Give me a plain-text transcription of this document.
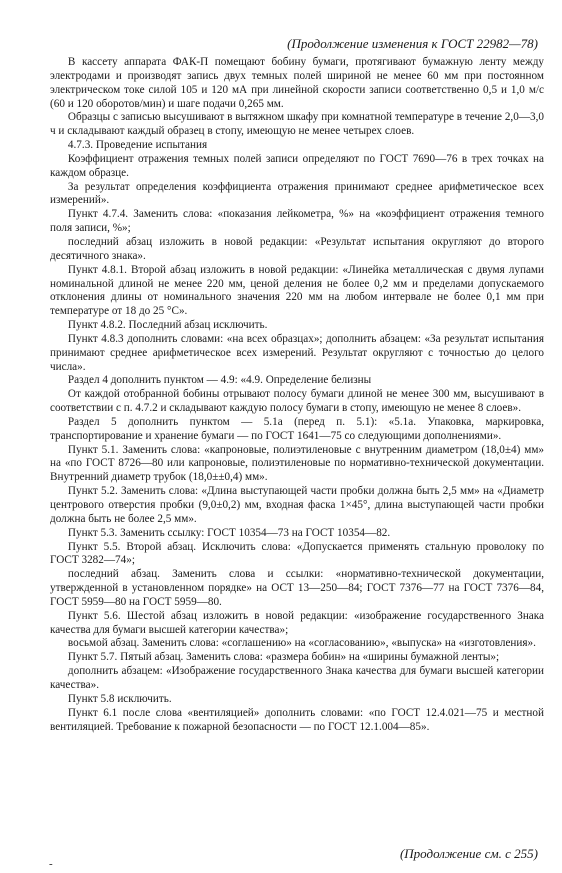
(Продолжение изменения к ГОСТ 22982—78)

В кассету аппарата ФАК-П помещают бобину бумаги, протягивают бумажную ленту между электродами и производят запись двух темных полей шириной не менее 60 мм при постоянном электрическом токе силой 105 и 120 мА при линейной скорости записи соответственно 0,5 и 1,0 м/с (60 и 120 оборотов/мин) и шаге подачи 0,265 мм.

Образцы с записью высушивают в вытяжном шкафу при комнатной температуре в течение 2,0—3,0 ч и складывают каждый образец в стопу, имеющую не менее четырех слоев.

4.7.3. Проведение испытания

Коэффициент отражения темных полей записи определяют по ГОСТ 7690—76 в трех точках на каждом образце.

За результат определения коэффициента отражения принимают среднее арифметическое всех измерений».

Пункт 4.7.4. Заменить слова: «показания лейкометра, %» на «коэффициент отражения темного поля записи, %»;

последний абзац изложить в новой редакции: «Результат испытания округляют до второго десятичного знака».

Пункт 4.8.1. Второй абзац изложить в новой редакции: «Линейка металлическая с двумя лупами номинальной длиной не менее 220 мм, ценой деления не более 0,2 мм и пределами допускаемого отклонения длины от номинального значения 220 мм на любом интервале не более 0,1 мм при температуре от 18 до 25 °С».

Пункт 4.8.2. Последний абзац исключить.

Пункт 4.8.3 дополнить словами: «на всех образцах»; дополнить абзацем: «За результат испытания принимают среднее арифметическое всех измерений. Результат округляют с точностью до целого числа».

Раздел 4 дополнить пунктом — 4.9: «4.9. Определение белизны

От каждой отобранной бобины отрывают полосу бумаги длиной не менее 300 мм, высушивают в соответствии с п. 4.7.2 и складывают каждую полосу бумаги в стопу, имеющую не менее 8 слоев».

Раздел 5 дополнить пунктом — 5.1а (перед п. 5.1): «5.1а. Упаковка, маркировка, транспортирование и хранение бумаги — по ГОСТ 1641—75 со следующими дополнениями».

Пункт 5.1. Заменить слова: «капроновые, полиэтиленовые с внутренним диаметром (18,0±4) мм» на «по ГОСТ 8726—80 или капроновые, полиэтиленовые по нормативно-технической документации. Внутренний диаметр трубок (18,0±±0,4) мм».

Пункт 5.2. Заменить слова: «Длина выступающей части пробки должна быть 2,5 мм» на «Диаметр центрового отверстия пробки (9,0±0,2) мм, входная фаска 1×45°, длина выступающей части пробки должна быть не более 2,5 мм».

Пункт 5.3. Заменить ссылку: ГОСТ 10354—73 на ГОСТ 10354—82.

Пункт 5.5. Второй абзац. Исключить слова: «Допускается применять стальную проволоку по ГОСТ 3282—74»;

последний абзац. Заменить слова и ссылки: «нормативно-технической документации, утвержденной в установленном порядке» на ОСТ 13—250—84; ГОСТ 7376—77 на ГОСТ 7376—84, ГОСТ 5959—80 на ГОСТ 5959—80.

Пункт 5.6. Шестой абзац изложить в новой редакции: «изображение государственного Знака качества для бумаги высшей категории качества»;

восьмой абзац. Заменить слова: «соглашению» на «согласованию», «выпуска» на «изготовления».

Пункт 5.7. Пятый абзац. Заменить слова: «размера бобин» на «ширины бумажной ленты»;

дополнить абзацем: «Изображение государственного Знака качества для бумаги высшей категории качества».

Пункт 5.8 исключить.

Пункт 6.1 после слова «вентиляцией» дополнить словами: «по ГОСТ 12.4.021—75 и местной вентиляцией. Требование к пожарной безопасности — по ГОСТ 12.1.004—85».

(Продолжение см. с 255)
-
